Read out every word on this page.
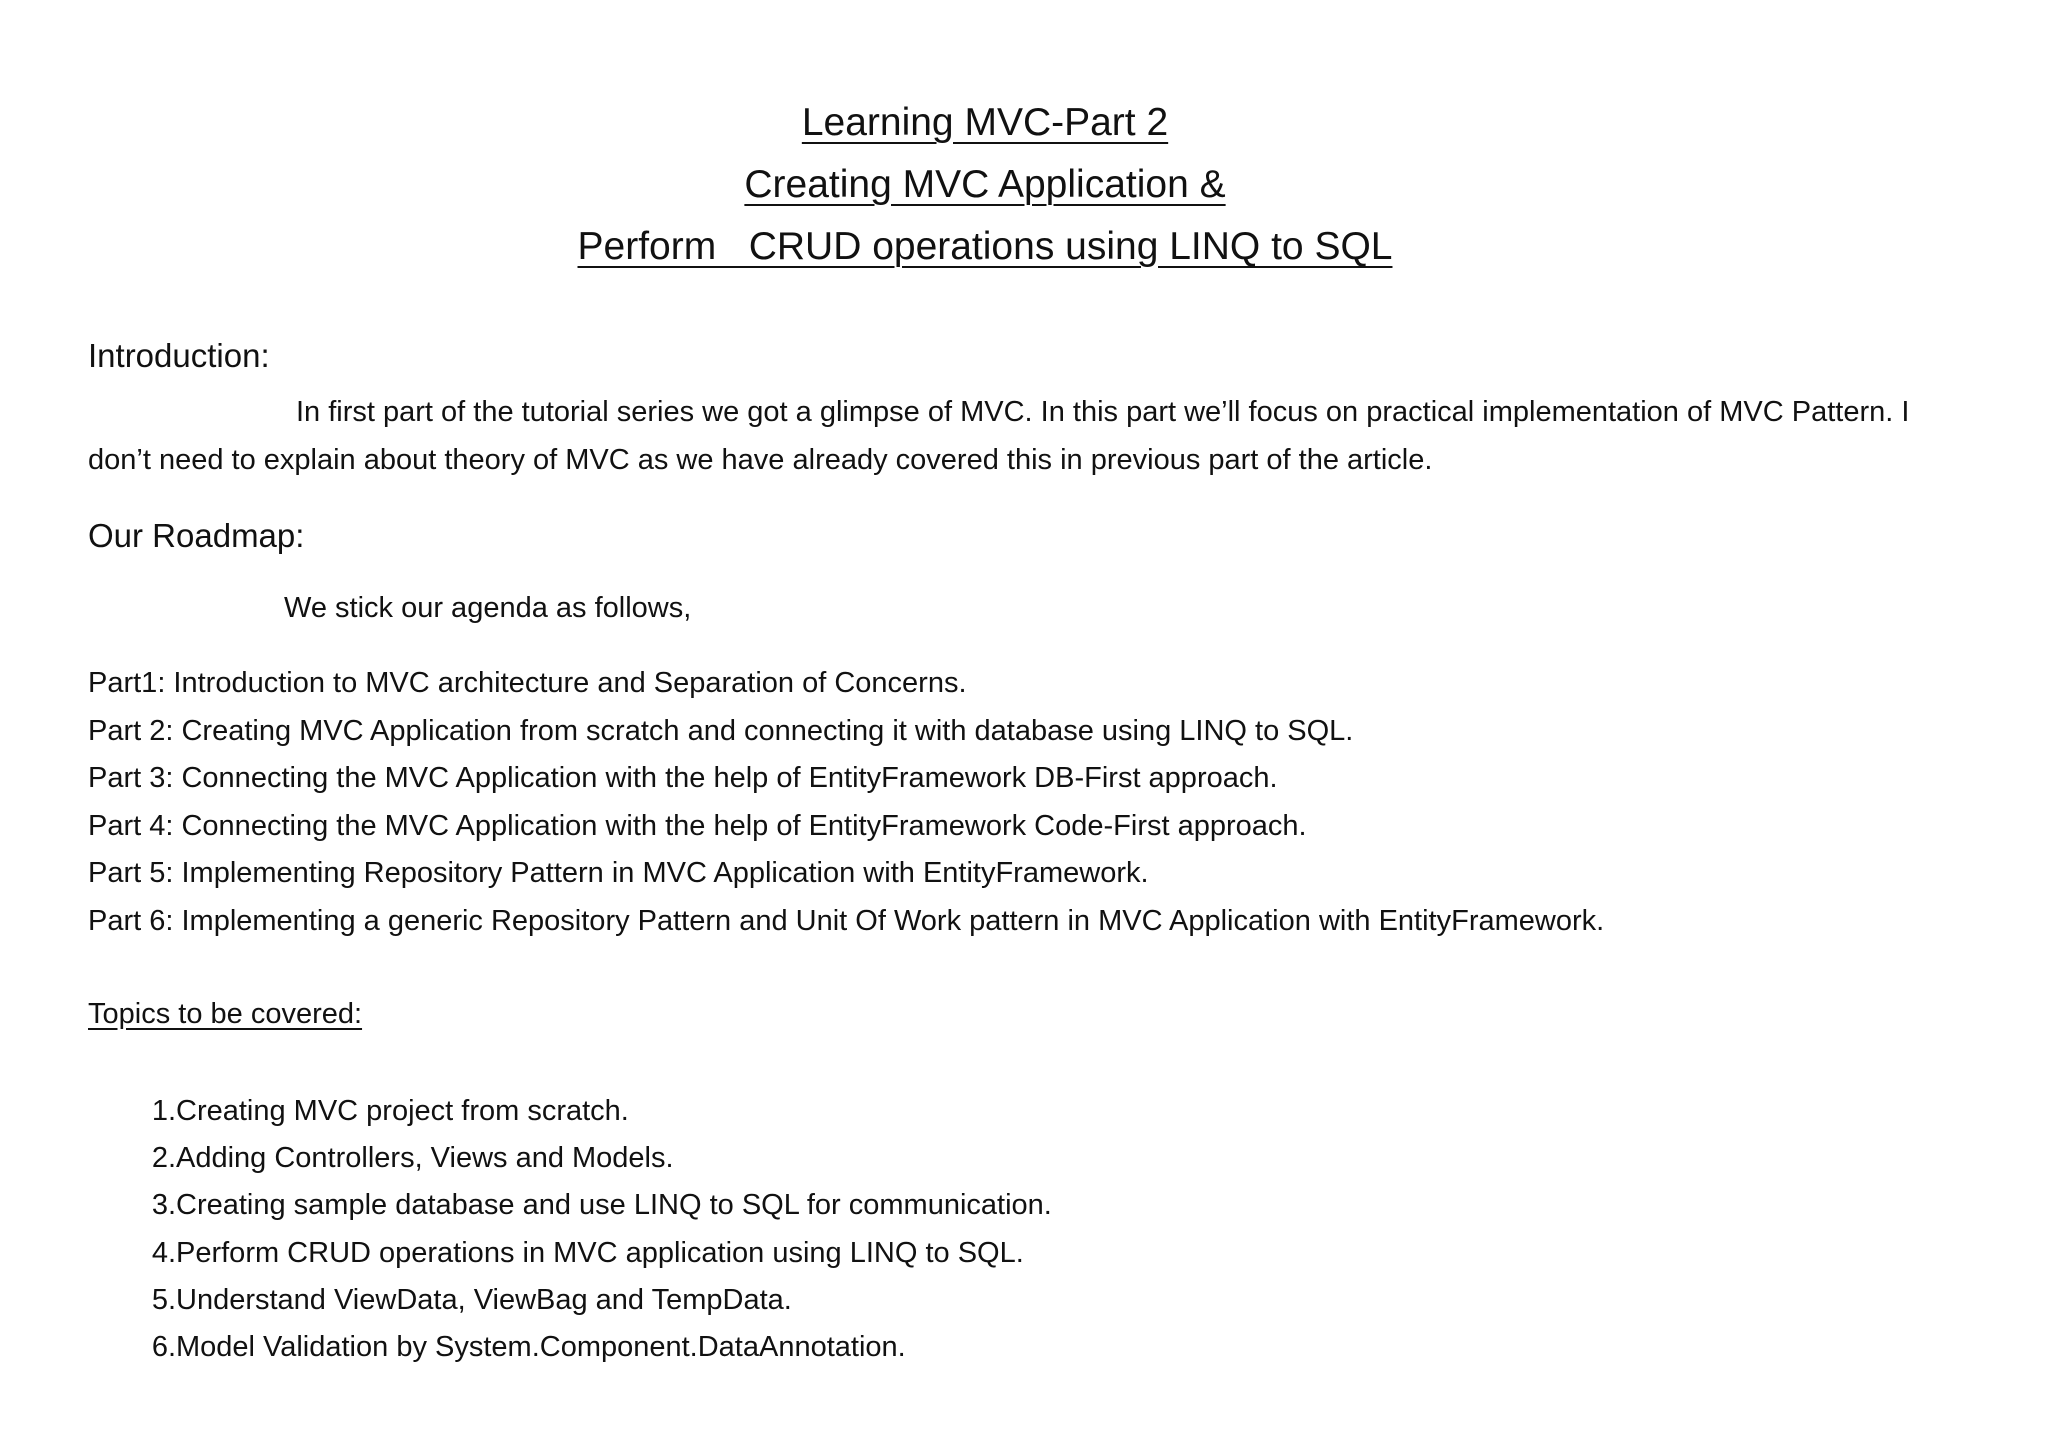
Learning MVC-Part 2
Creating MVC Application &
Perform   CRUD operations using LINQ to SQL
Introduction:
In first part of the tutorial series we got a glimpse of MVC. In this part we’ll focus on practical implementation of MVC Pattern. I don’t need to explain about theory of MVC as we have already covered this in previous part of the article.
Our Roadmap:
We stick our agenda as follows,
Part1: Introduction to MVC architecture and Separation of Concerns.
Part 2: Creating MVC Application from scratch and connecting it with database using LINQ to SQL.
Part 3: Connecting the MVC Application with the help of EntityFramework DB-First approach.
Part 4: Connecting the MVC Application with the help of EntityFramework Code-First approach.
Part 5: Implementing Repository Pattern in MVC Application with EntityFramework.
Part 6: Implementing a generic Repository Pattern and Unit Of Work pattern in MVC Application with EntityFramework.
Topics to be covered:
1. Creating MVC project from scratch.
2. Adding Controllers, Views and Models.
3. Creating sample database and use LINQ to SQL for communication.
4. Perform CRUD operations in MVC application using LINQ to SQL.
5. Understand ViewData, ViewBag and TempData.
6. Model Validation by System.Component.DataAnnotation.
